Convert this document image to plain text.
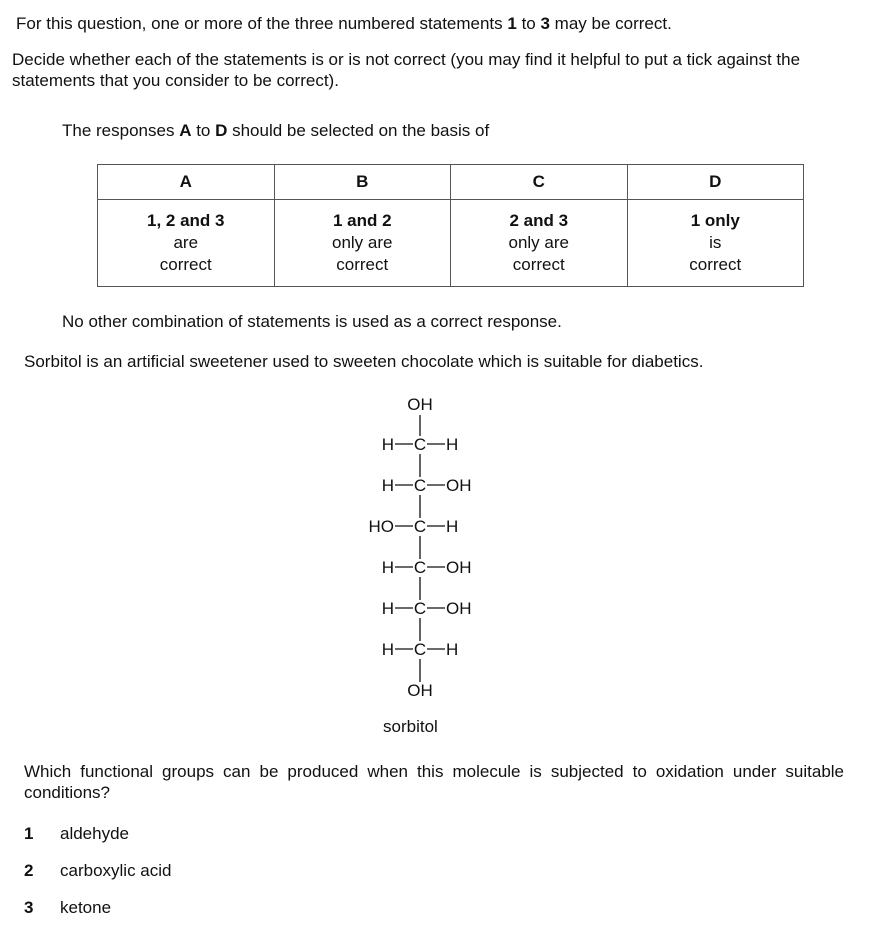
For this question, one or more of the three numbered statements 1 to 3 may be correct.
Decide whether each of the statements is or is not correct (you may find it helpful to put a tick against the statements that you consider to be correct).
The responses A to D should be selected on the basis of
A	B	C	D

1, 2 and 3
are
correct	1 and 2
only are
correct	2 and 3
only are
correct	1 only
is
correct
No other combination of statements is used as a correct response.
Sorbitol is an artificial sweetener used to sweeten chocolate which is suitable for diabetics.
OH
C
H	H
C
H	OH
C
HO	H
C
H	OH
C
H	OH
C
H	H
OH
sorbitol
Which functional groups can be produced when this molecule is subjected to oxidation under suitable conditions?
1 aldehyde
2 carboxylic acid
3 ketone
